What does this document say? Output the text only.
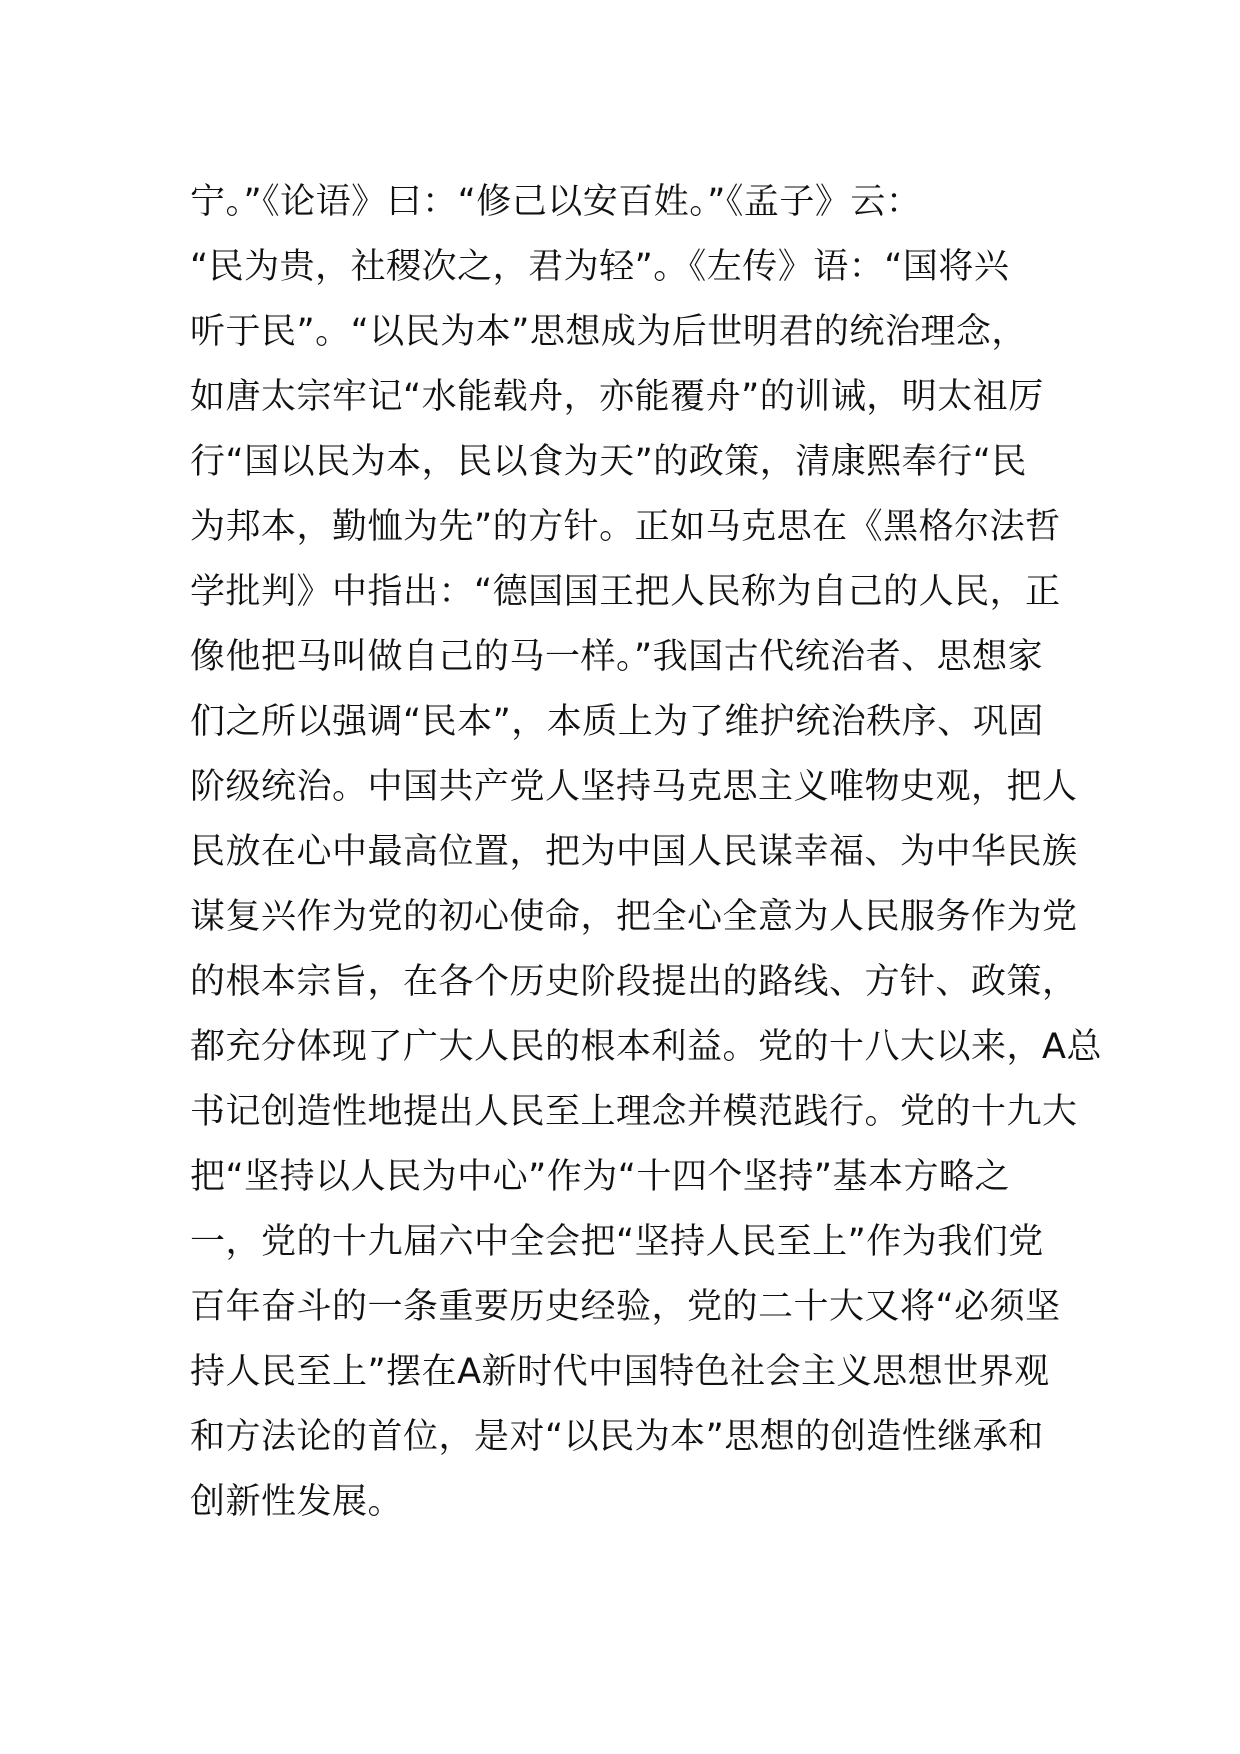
宁。”《论语》曰：“修己以安百姓。”《孟子》云：
“民为贵，社稷次之，君为轻”。《左传》语：“国将兴
听于民”。“以民为本”思想成为后世明君的统治理念，
如唐太宗牢记“水能载舟，亦能覆舟”的训诫，明太祖厉
行“国以民为本，民以食为天”的政策，清康熙奉行“民
为邦本，勤恤为先”的方针。正如马克思在《黑格尔法哲
学批判》中指出：“德国国王把人民称为自己的人民，正
像他把马叫做自己的马一样。”我国古代统治者、思想家
们之所以强调“民本”，本质上为了维护统治秩序、巩固
阶级统治。中国共产党人坚持马克思主义唯物史观，把人
民放在心中最高位置，把为中国人民谋幸福、为中华民族
谋复兴作为党的初心使命，把全心全意为人民服务作为党
的根本宗旨，在各个历史阶段提出的路线、方针、政策，
都充分体现了广大人民的根本利益。党的十八大以来，A总
书记创造性地提出人民至上理念并模范践行。党的十九大
把“坚持以人民为中心”作为“十四个坚持”基本方略之
一，党的十九届六中全会把“坚持人民至上”作为我们党
百年奋斗的一条重要历史经验，党的二十大又将“必须坚
持人民至上”摆在A新时代中国特色社会主义思想世界观
和方法论的首位，是对“以民为本”思想的创造性继承和
创新性发展。
